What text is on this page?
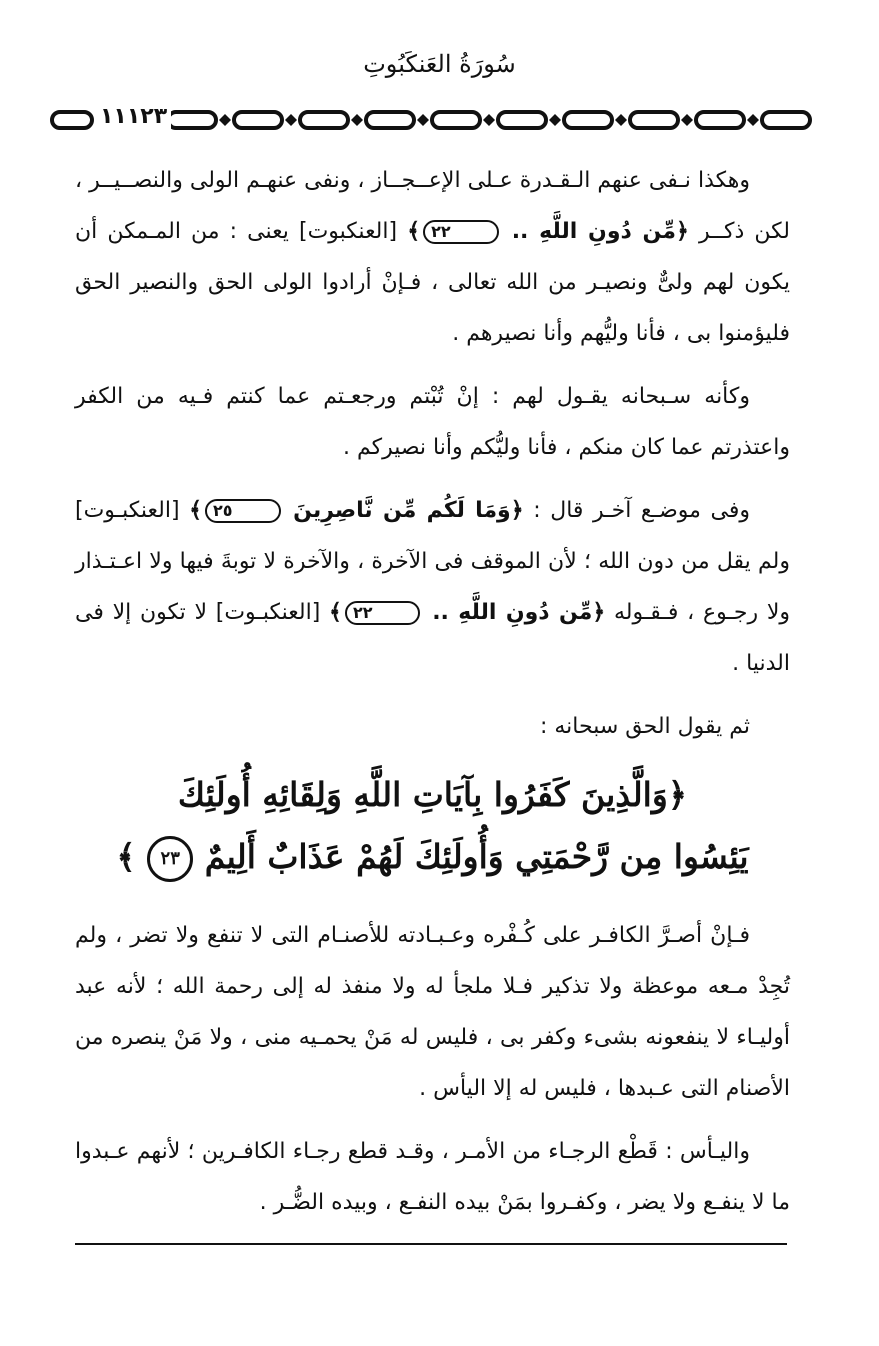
سُورَةُ العَنكَبُوتِ
١١١٢٣

وهكذا نـفى عنهم الـقـدرة عـلى الإعــجــاز ، ونفى عنهـم الولى والنصــيــر ، لكن ذكــر ﴿مِّن دُونِ اللَّهِ .. ٢٢﴾ [العنكبوت] يعنى : من المـمكن أن يكون لهم ولىٌّ ونصيـر من الله تعالى ، فـإنْ أرادوا الولى الحق والنصير الحق فليؤمنوا بى ، فأنا وليُّهم وأنا نصيرهم .

وكأنه سـبحانه يقـول لهم : إنْ تُبْتم ورجعـتم عما كنتم فـيه من الكفر واعتذرتم عما كان منكم ، فأنا وليُّكم وأنا نصيركم .

وفى موضـع آخـر قال : ﴿وَمَا لَكُم مِّن نَّاصِرِينَ ٢٥﴾ [العنكبـوت] ولم يقل من دون الله ؛ لأن الموقف فى الآخرة ، والآخرة لا توبةَ فيها ولا اعـتـذار ولا رجـوع ، فـقـوله ﴿مِّن دُونِ اللَّهِ .. ٢٢﴾ [العنكبـوت] لا تكون إلا فى الدنيا .

ثم يقول الحق سبحانه :

﴿وَالَّذِينَ كَفَرُوا بِآيَاتِ اللَّهِ وَلِقَائِهِ أُولَئِكَ
يَئِسُوا مِن رَّحْمَتِي وَأُولَئِكَ لَهُمْ عَذَابٌ أَلِيمٌ ٢٣ ﴾

فـإنْ أصـرَّ الكافـر على كُـفْره وعـبـادته للأصنـام التى لا تنفع ولا تضر ، ولم تُجِدْ مـعه موعظة ولا تذكير فـلا ملجأ له ولا منفذ له إلى رحمة الله ؛ لأنه عبد أوليـاء لا ينفعونه بشىء وكفر بى ، فليس له مَنْ يحمـيه منى ، ولا مَنْ ينصره من الأصنام التى عـبدها ، فليس له إلا اليأس .

واليـأس : قَطْع الرجـاء من الأمـر ، وقـد قطع رجـاء الكافـرين ؛ لأنهم عـبدوا ما لا ينفـع ولا يضر ، وكفـروا بمَنْ بيده النفـع ، وبيده الضُّـر .
